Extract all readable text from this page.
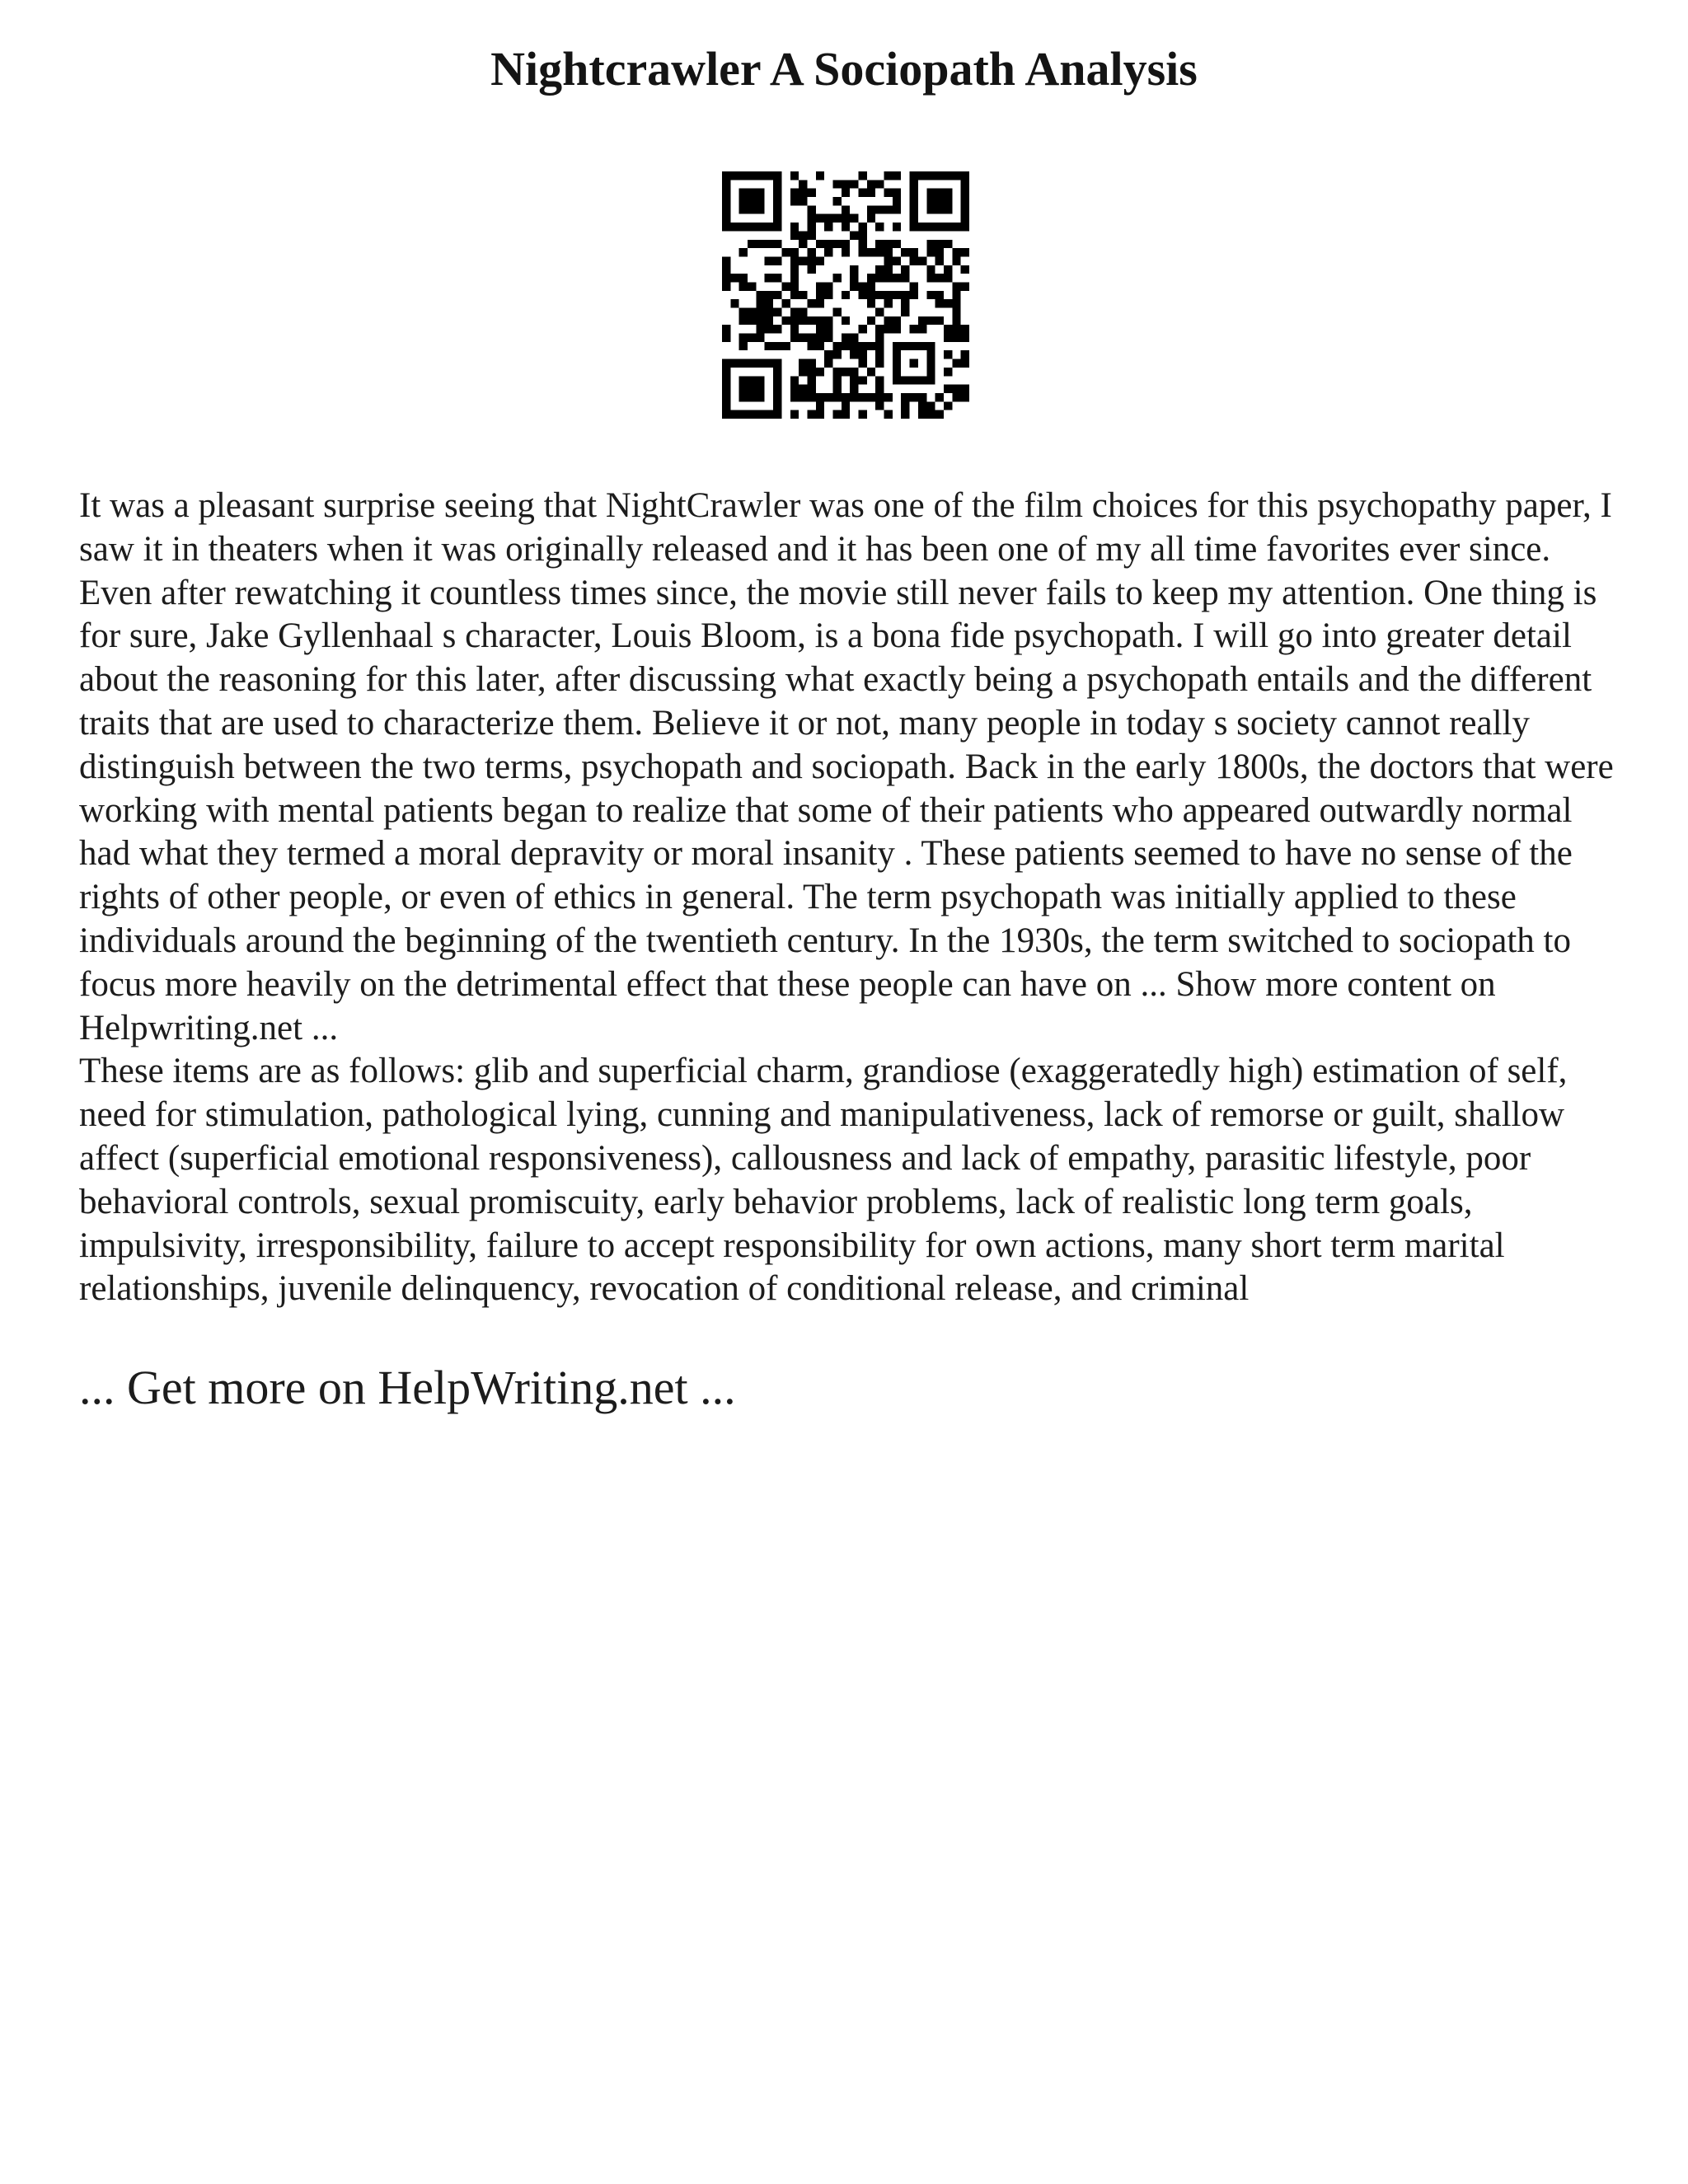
Nightcrawler A Sociopath Analysis

It was a pleasant surprise seeing that NightCrawler was one of the film choices for this psychopathy paper, I saw it in theaters when it was originally released and it has been one of my all time favorites ever since. Even after rewatching it countless times since, the movie still never fails to keep my attention. One thing is for sure, Jake Gyllenhaal s character, Louis Bloom, is a bona fide psychopath. I will go into greater detail about the reasoning for this later, after discussing what exactly being a psychopath entails and the different traits that are used to characterize them. Believe it or not, many people in today s society cannot really distinguish between the two terms, psychopath and sociopath. Back in the early 1800s, the doctors that were working with mental patients began to realize that some of their patients who appeared outwardly normal had what they termed a moral depravity or moral insanity . These patients seemed to have no sense of the rights of other people, or even of ethics in general. The term psychopath was initially applied to these individuals around the beginning of the twentieth century. In the 1930s, the term switched to sociopath to focus more heavily on the detrimental effect that these people can have on ... Show more content on Helpwriting.net ...
These items are as follows: glib and superficial charm, grandiose (exaggeratedly high) estimation of self, need for stimulation, pathological lying, cunning and manipulativeness, lack of remorse or guilt, shallow affect (superficial emotional responsiveness), callousness and lack of empathy, parasitic lifestyle, poor behavioral controls, sexual promiscuity, early behavior problems, lack of realistic long term goals, impulsivity, irresponsibility, failure to accept responsibility for own actions, many short term marital relationships, juvenile delinquency, revocation of conditional release, and criminal

... Get more on HelpWriting.net ...
